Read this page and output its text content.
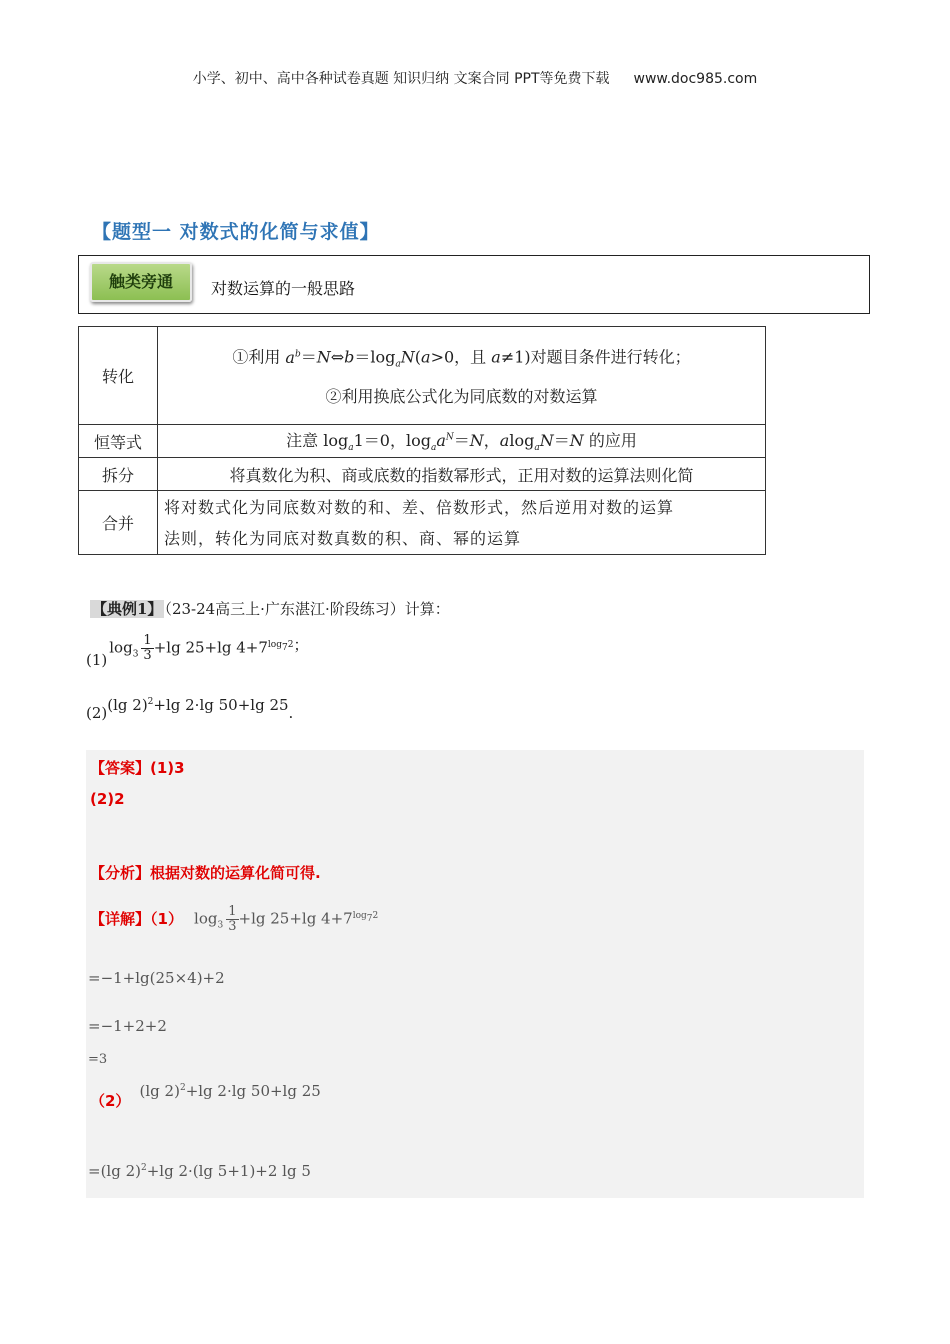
小学、初中、高中各种试卷真题 知识归纳 文案合同 PPT等免费下载 www.doc985.com
【题型一 对数式的化简与求值】
触类旁通	对数运算的一般思路
转化	①利用 $a^b=N\Leftrightarrow b=\log_aN(a>0$，且 a≠1)对题目条件进行转化；
②利用换底公式化为同底数的对数运算

恒等式	注意 $\log_a1=0$，$\log_aa^N=N$，alog$_a$N＝N 的应用
拆分	将真数化为积、商或底数的指数幂形式，正用对数的运算法则化简
合并	将对数式化为同底数对数的和、差、倍数形式，然后逆用对数的运算
法则，转化为同底对数真数的积、商、幂的运算
【典例1】 （23-24高三上·广东湛江·阶段练习）计算：
$(1)\log_3$ 1
3 +lg 25+lg $4+7^{log_72}$；
(2)(lg 2)$^2$+lg 2·lg 50+lg 25.
【答案】(1)3
(2)2
【分析】根据对数的运算化简可得.
【详解】（1） $\log_3 1$
3 +lg 25+lg $4+7^{log_72}$
=−1+lg(25×4)+2
=−1+2+2
=3
（2） (lg 2)$^2$+lg 2·lg 50+lg 25
=(lg 2)$^2$+lg 2·(lg 5+1)+2 lg 5
